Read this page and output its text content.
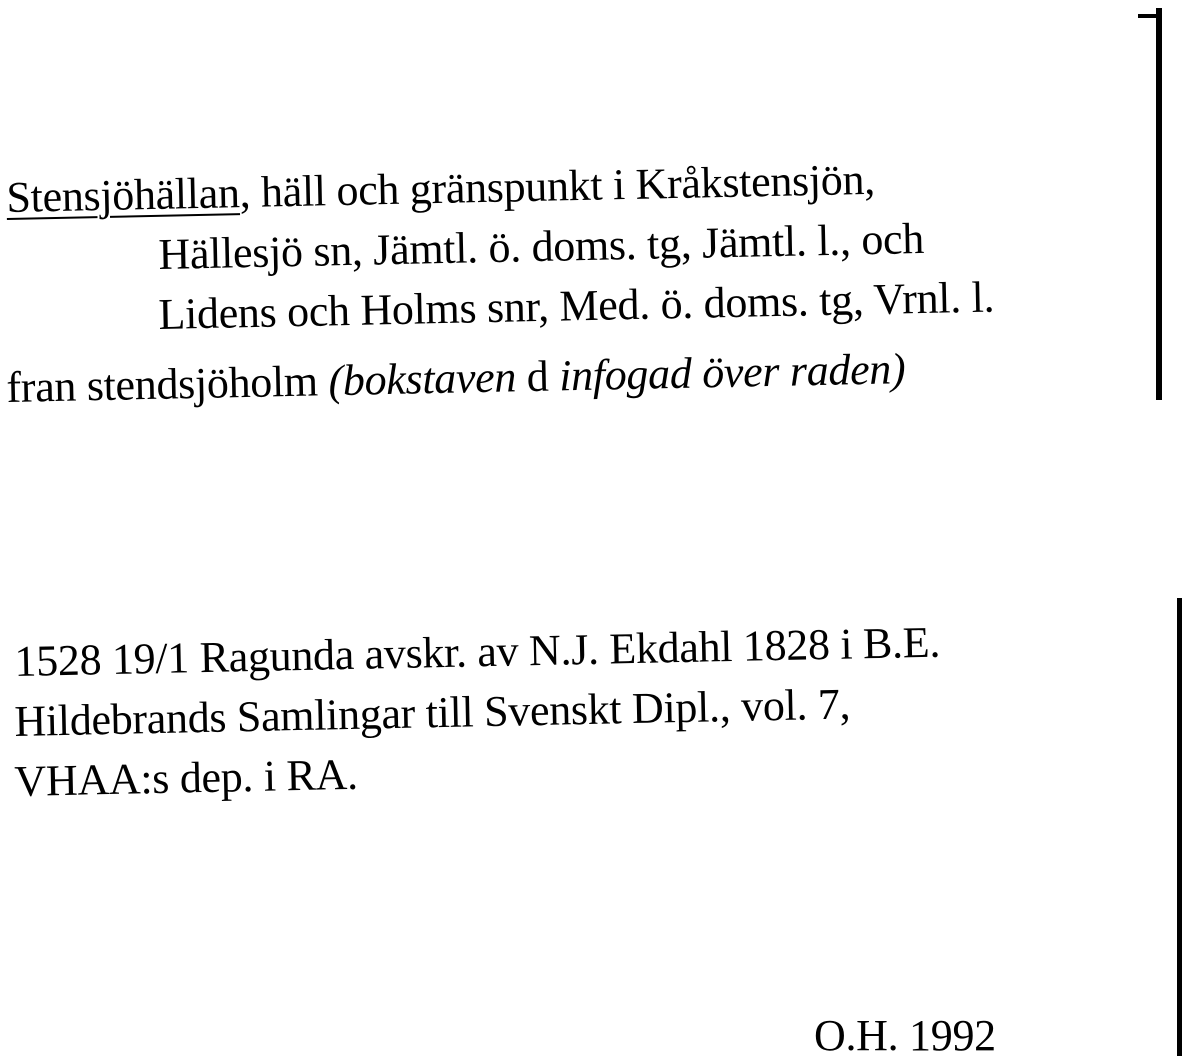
Stensjöhällan, häll och gränspunkt i Kråkstensjön,
Hällesjö sn, Jämtl. ö. doms. tg, Jämtl. l., och
Lidens och Holms snr, Med. ö. doms. tg, Vrnl. l.
fran stendsjöholm (bokstaven d infogad över raden)
1528 19/1 Ragunda avskr. av N.J. Ekdahl 1828 i B.E.
Hildebrands Samlingar till Svenskt Dipl., vol. 7,
VHAA:s dep. i RA.
O.H. 1992
